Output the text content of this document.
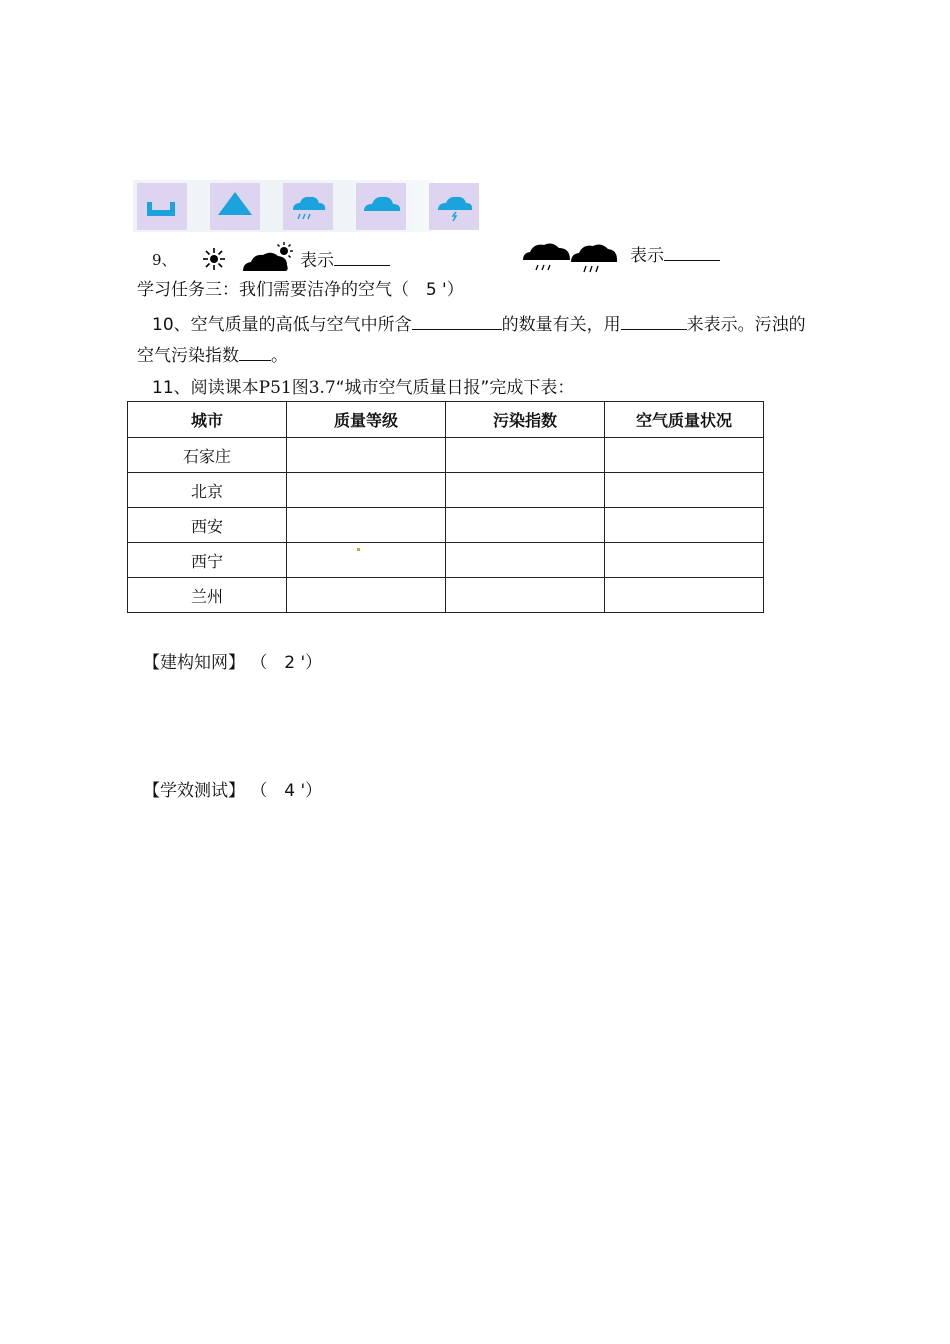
9、	表示	表示
学习任务三：我们需要洁净的空气（ 5 '）
10、空气质量的高低与空气中所含	的数量有关，用	来表示。污浊的
空气污染指数 。
11、阅读课本P51图3.7“城市空气质量日报”完成下表：
城市	质量等级	污染指数	空气质量状况
石家庄			
北京			
西安			
西宁			
兰州			
【建构知网】 （ 2 '）
【学效测试】 （ 4 '）
